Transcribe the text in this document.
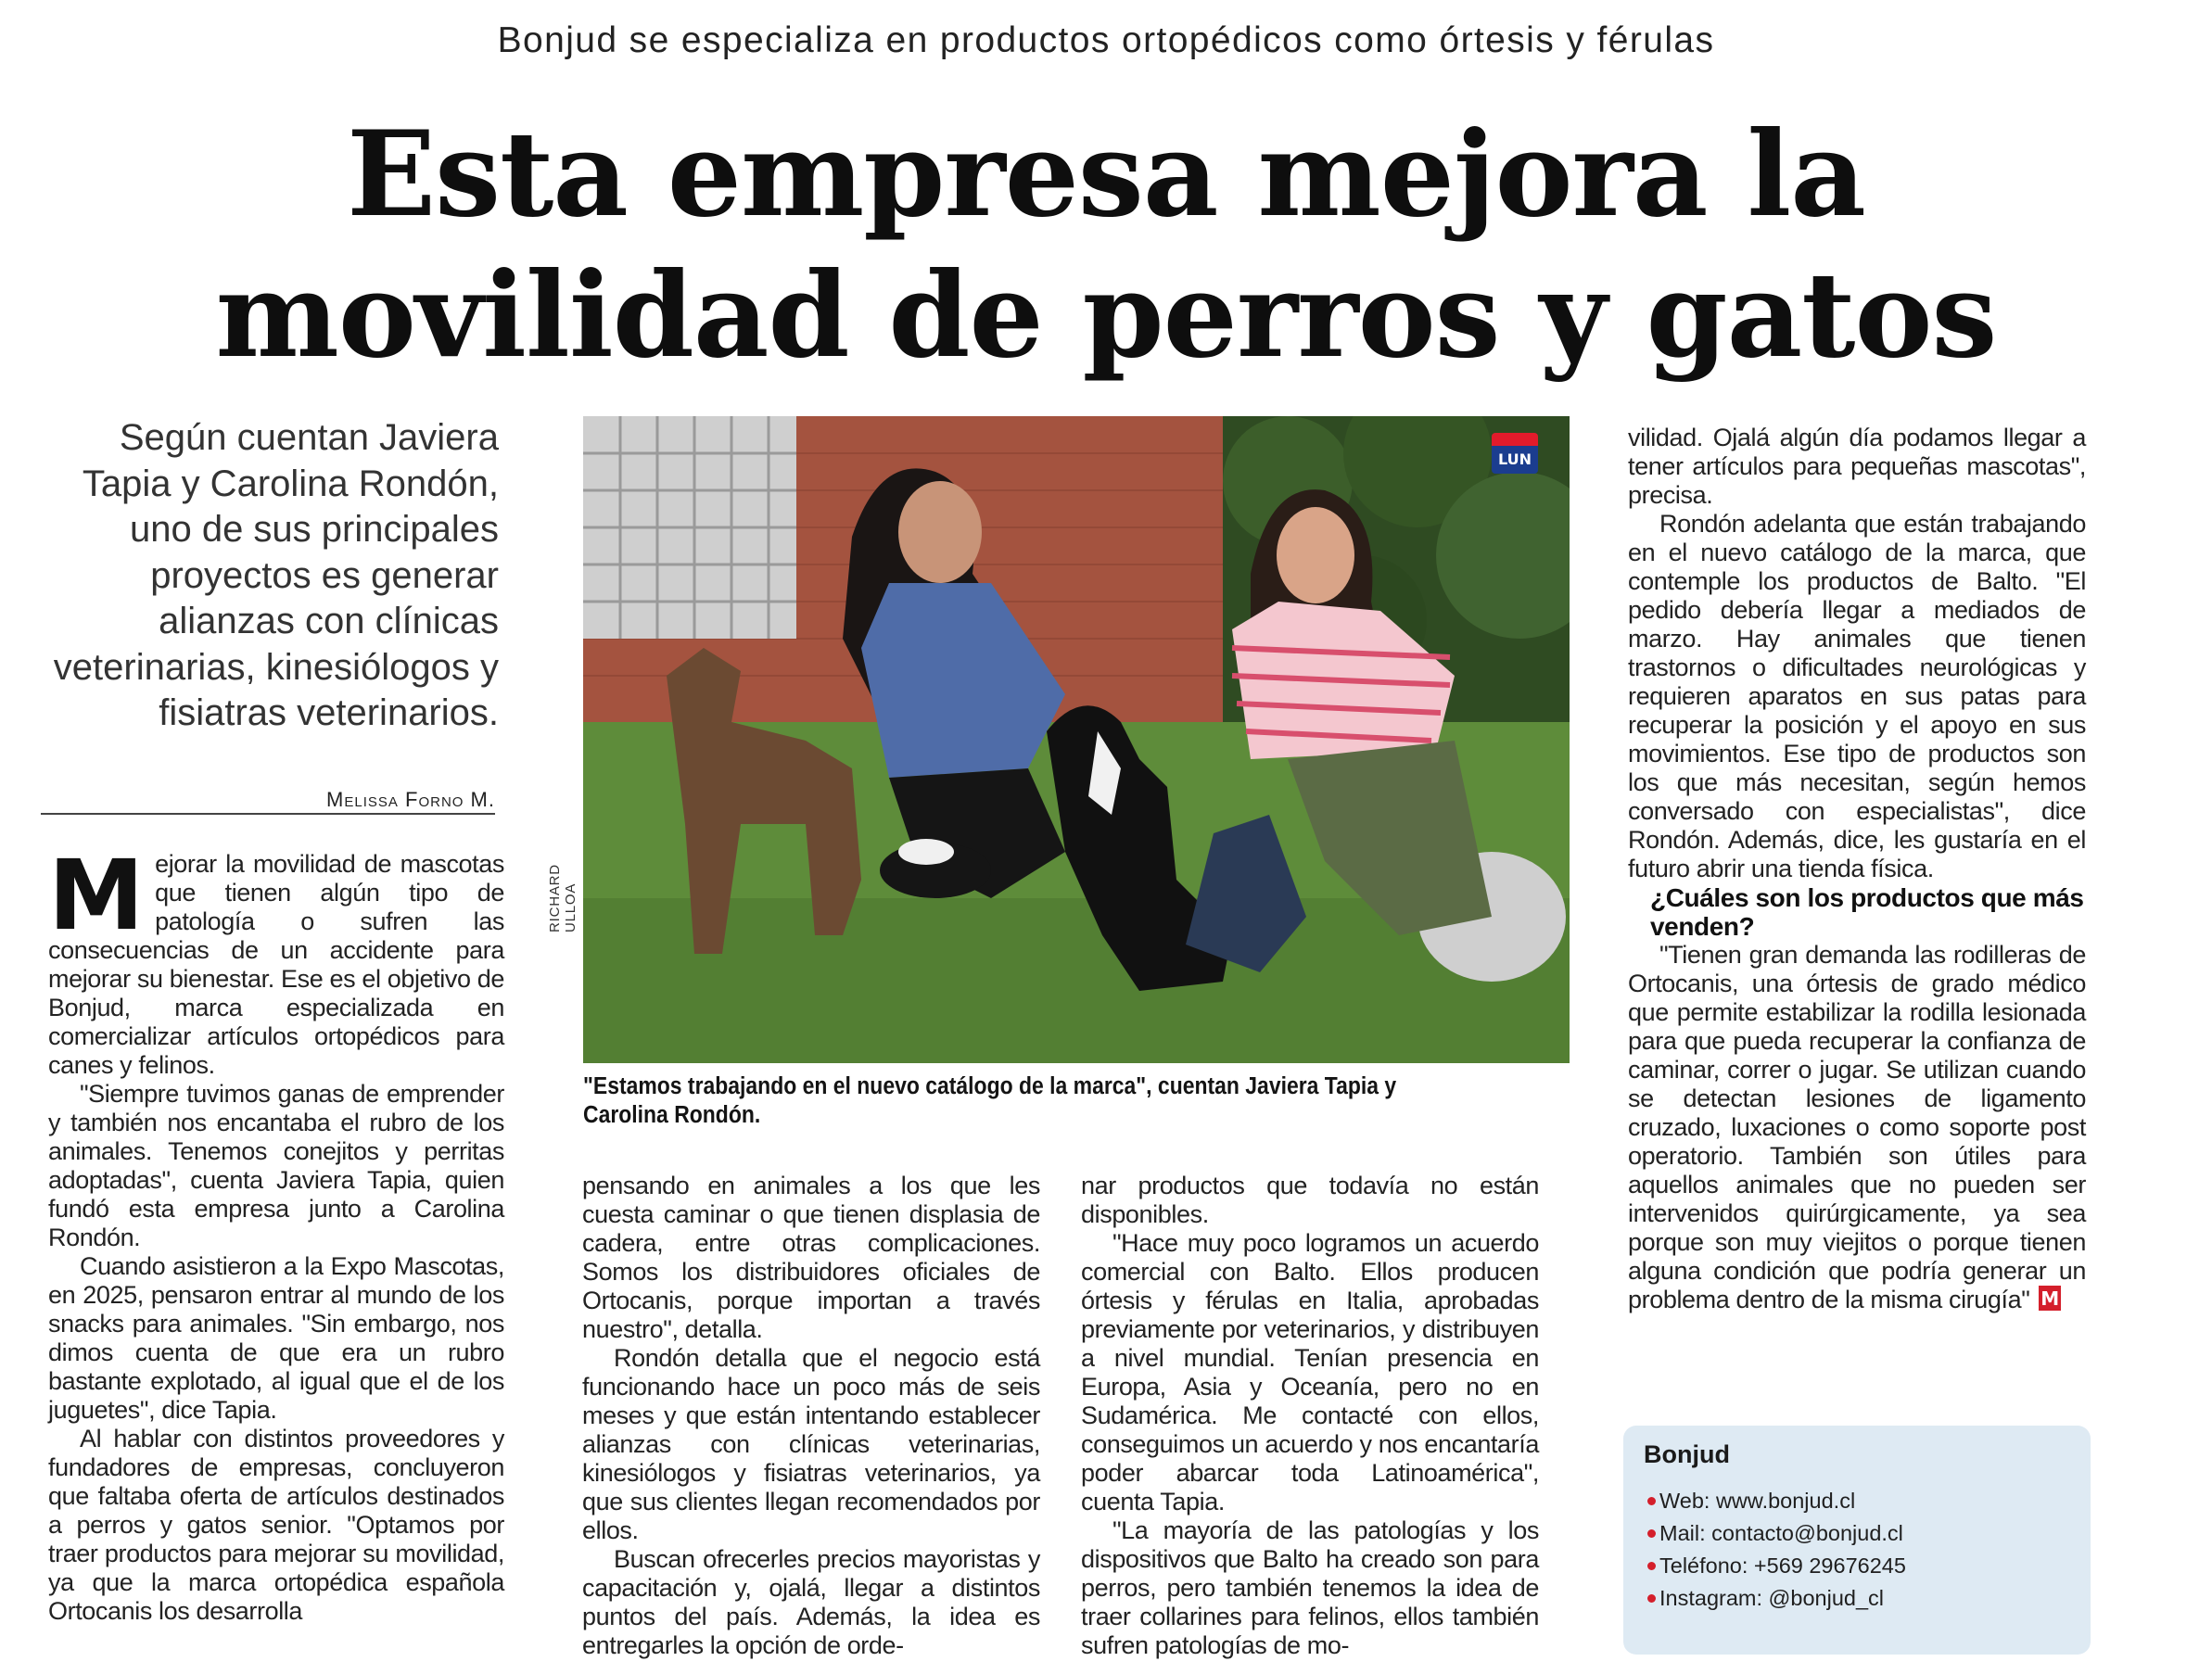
Bonjud se especializa en productos ortopédicos como órtesis y férulas
Esta empresa mejora la
movilidad de perros y gatos
Según cuentan Javiera Tapia y Carolina Rondón, uno de sus principales proyectos es generar alianzas con clínicas veterinarias, kinesiólogos y fisiatras veterinarios.
Melissa Forno M.

Mejorar la movilidad de mascotas que tienen algún tipo de patología o sufren las consecuencias de un accidente para mejorar su bienestar. Ese es el objetivo de Bonjud, marca especializada en comercializar artículos ortopédicos para canes y felinos.

"Siempre tuvimos ganas de emprender y también nos encantaba el rubro de los animales. Tenemos conejitos y perritas adoptadas", cuenta Javiera Tapia, quien fundó esta empresa junto a Carolina Rondón.

Cuando asistieron a la Expo Mascotas, en 2025, pensaron entrar al mundo de los snacks para animales. "Sin embargo, nos dimos cuenta de que era un rubro bastante explotado, al igual que el de los juguetes", dice Tapia.

Al hablar con distintos proveedores y fundadores de empresas, concluyeron que faltaba oferta de artículos destinados a perros y gatos senior. "Optamos por traer productos para mejorar su movilidad, ya que la marca ortopédica española Ortocanis los desarrolla

LUN
RICHARD ULLOA
"Estamos trabajando en el nuevo catálogo de la marca", cuentan Javiera Tapia y Carolina Rondón.

pensando en animales a los que les cuesta caminar o que tienen displasia de cadera, entre otras complicaciones. Somos los distribuidores oficiales de Ortocanis, porque importan a través nuestro", detalla.

Rondón detalla que el negocio está funcionando hace un poco más de seis meses y que están intentando establecer alianzas con clínicas veterinarias, kinesiólogos y fisiatras veterinarios, ya que sus clientes llegan recomendados por ellos.

Buscan ofrecerles precios mayoristas y capacitación y, ojalá, llegar a distintos puntos del país. Además, la idea es entregarles la opción de orde-

nar productos que todavía no están disponibles.

"Hace muy poco logramos un acuerdo comercial con Balto. Ellos producen órtesis y férulas en Italia, aprobadas previamente por veterinarios, y distribuyen a nivel mundial. Tenían presencia en Europa, Asia y Oceanía, pero no en Sudamérica. Me contacté con ellos, conseguimos un acuerdo y nos encantaría poder abarcar toda Latinoamérica", cuenta Tapia.

"La mayoría de las patologías y los dispositivos que Balto ha creado son para perros, pero también tenemos la idea de traer collarines para felinos, ellos también sufren patologías de mo-

vilidad. Ojalá algún día podamos llegar a tener artículos para pequeñas mascotas", precisa.

Rondón adelanta que están trabajando en el nuevo catálogo de la marca, que contemple los productos de Balto. "El pedido debería llegar a mediados de marzo. Hay animales que tienen trastornos o dificultades neurológicas y requieren aparatos en sus patas para recuperar la posición y el apoyo en sus movimientos. Ese tipo de productos son los que más necesitan, según hemos conversado con especialistas", dice Rondón. Además, dice, les gustaría en el futuro abrir una tienda física.

¿Cuáles son los productos que más venden?

"Tienen gran demanda las rodilleras de Ortocanis, una órtesis de grado médico que permite estabilizar la rodilla lesionada para que pueda recuperar la confianza de caminar, correr o jugar. Se utilizan cuando se detectan lesiones de ligamento cruzado, luxaciones o como soporte post operatorio. También son útiles para aquellos animales que no pueden ser intervenidos quirúrgicamente, ya sea porque son muy viejitos o porque tienen alguna condición que podría generar un problema dentro de la misma cirugía" M

Bonjud
Web: www.bonjud.cl
Mail: contacto@bonjud.cl
Teléfono: +569 29676245
Instagram: @bonjud_cl
